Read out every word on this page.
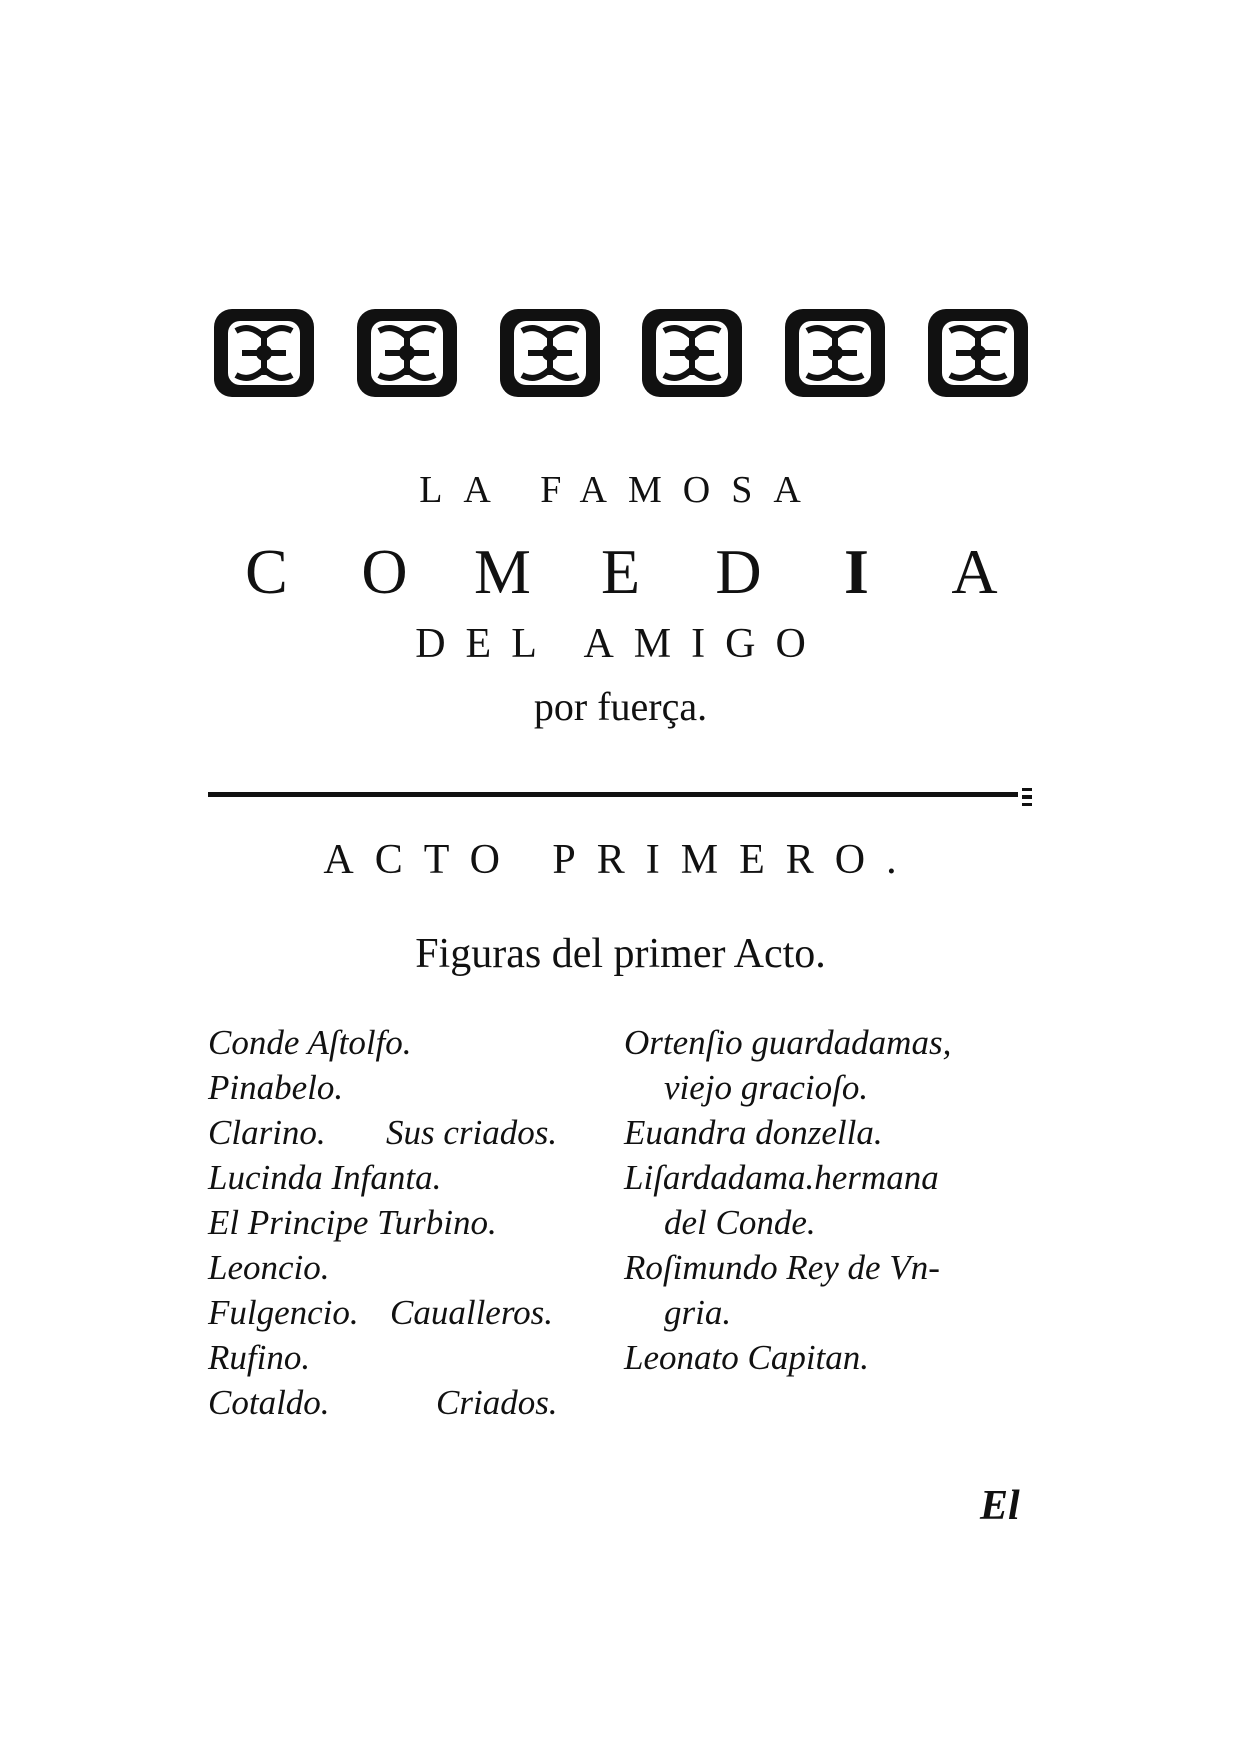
LA FAMOSA
C O M E D I A
DEL AMIGO
por fuerça.
ACTO PRIMERO.
Figuras del primer Acto.
Conde Aſtolfo.
Pinabelo.
Clarino. Sus criados.
Lucinda Infanta.
El Principe Turbino.
Leoncio.
Fulgencio. Caualleros.
Rufino.
Cotaldo.	Criados.
Ortenſio guardadamas,
viejo gracioſo.
Euandra donzella.
Liſardadama.hermana
del Conde.
Roſimundo Rey de Vn-
gria.
Leonato Capitan.
El
